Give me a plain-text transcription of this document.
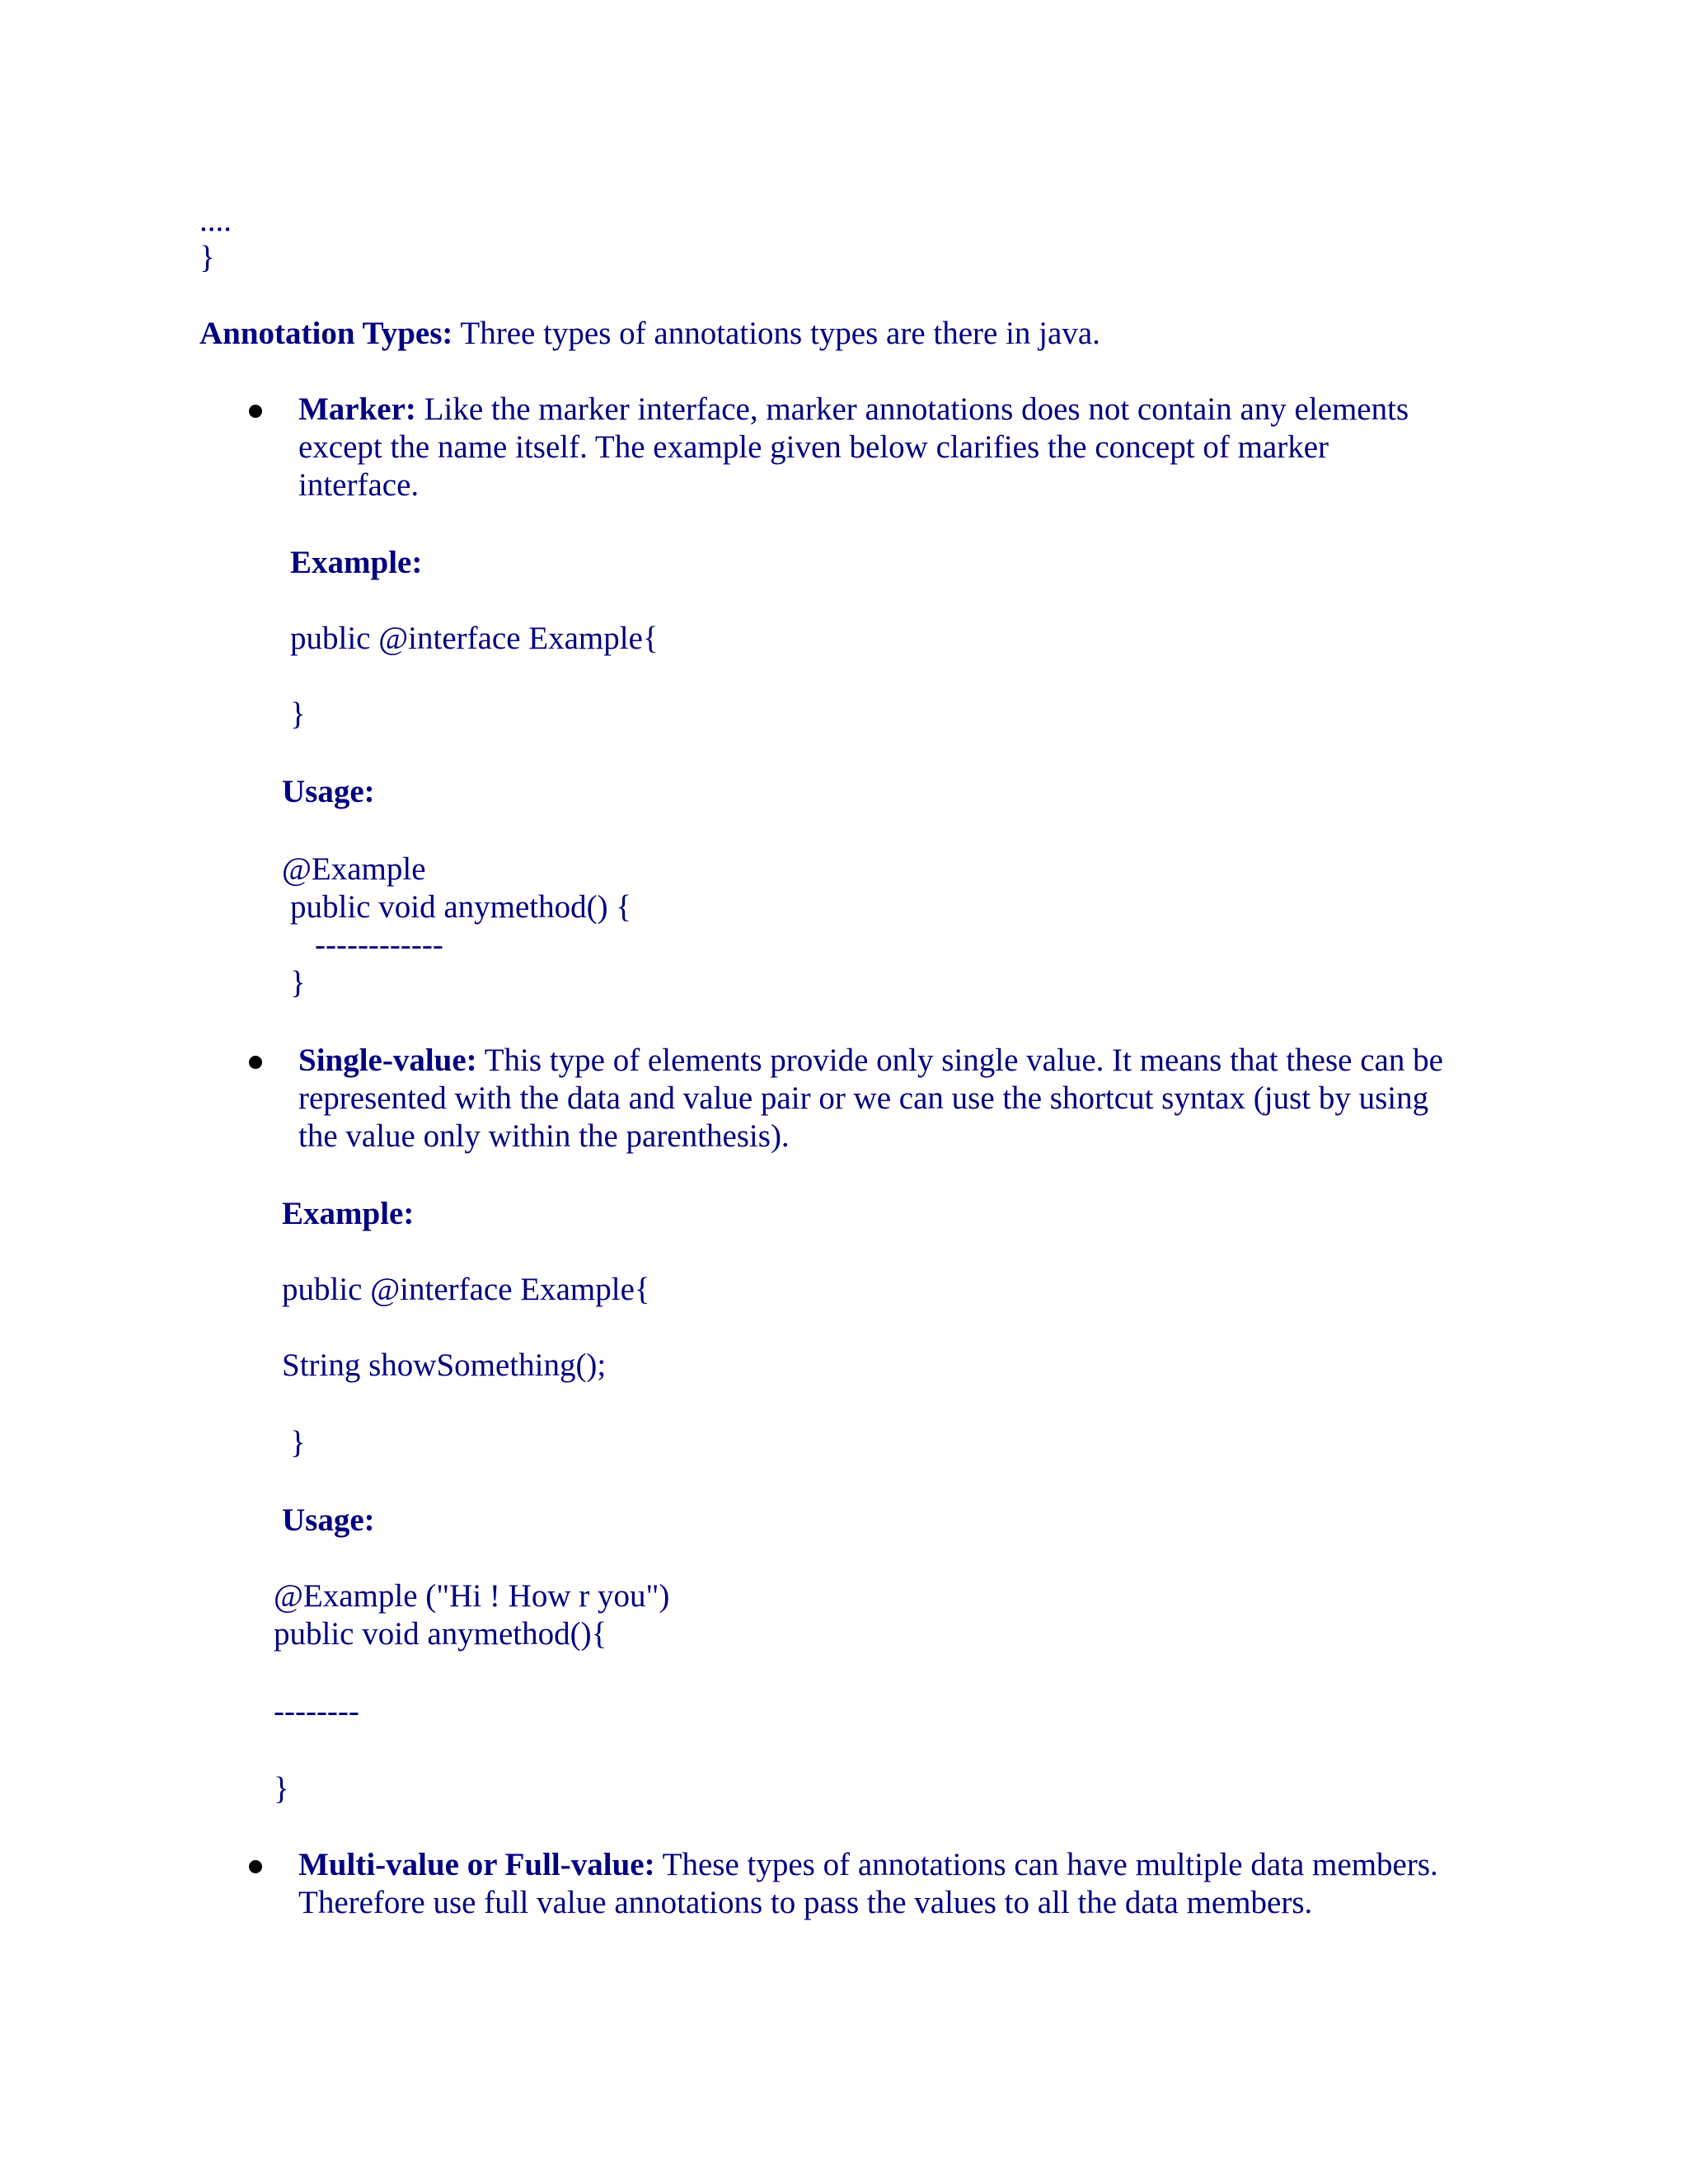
....
}
Annotation Types: Three types of annotations types are there in java.
Marker: Like the marker interface, marker annotations does not contain any elements
except the name itself. The example given below clarifies the concept of marker
interface.
Example:
public @interface Example{
}
Usage:
@Example
public void anymethod() {
------------
}
Single-value: This type of elements provide only single value. It means that these can be
represented with the data and value pair or we can use the shortcut syntax (just by using
the value only within the parenthesis).
Example:
public @interface Example{
String showSomething();
}
Usage:
@Example ("Hi ! How r you")
public void anymethod(){
--------
}
Multi-value or Full-value: These types of annotations can have multiple data members.
Therefore use full value annotations to pass the values to all the data members.
